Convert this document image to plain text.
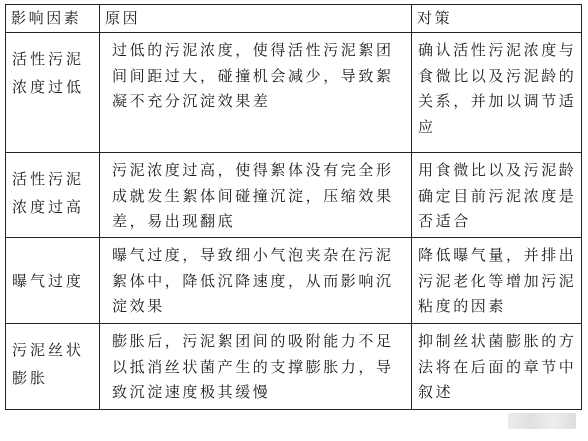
影响因素	原因	对策
活性污泥浓度过低	过低的污泥浓度，使得活性污泥絮团间间距过大，碰撞机会减少，导致絮凝不充分沉淀效果差	确认活性污泥浓度与食微比以及污泥龄的关系，并加以调节适应
活性污泥浓度过高	污泥浓度过高，使得絮体没有完全形成就发生絮体间碰撞沉淀，压缩效果差，易出现翻底	用食微比以及污泥龄确定目前污泥浓度是否适合
曝气过度	曝气过度，导致细小气泡夹杂在污泥絮体中，降低沉降速度，从而影响沉淀效果	降低曝气量，并排出污泥老化等增加污泥粘度的因素
污泥丝状膨胀	膨胀后，污泥絮团间的吸附能力不足以抵消丝状菌产生的支撑膨胀力，导致沉淀速度极其缓慢	抑制丝状菌膨胀的方法将在后面的章节中叙述
